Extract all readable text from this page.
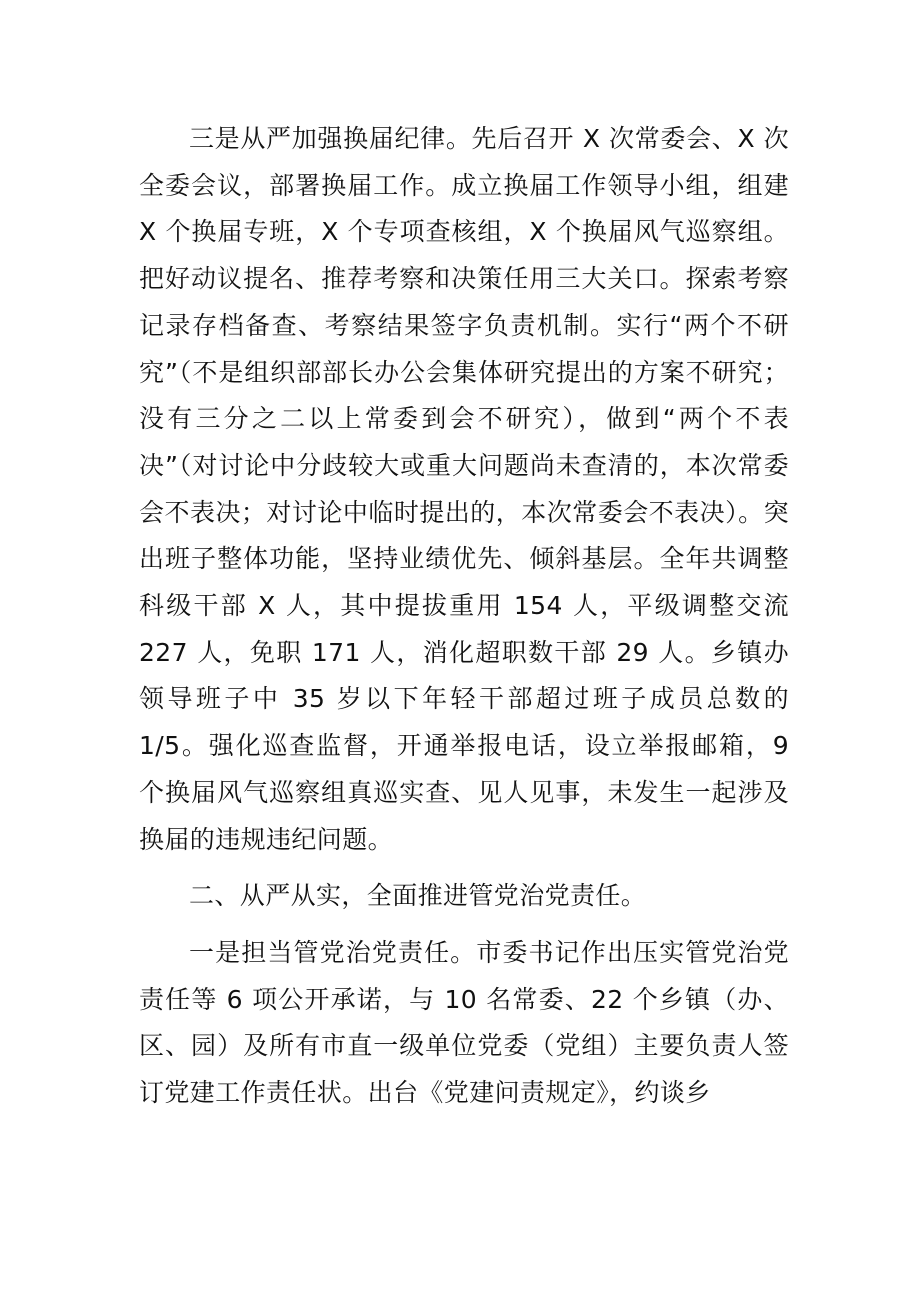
三是从严加强换届纪律。先后召开 X 次常委会、X 次全委会议，部署换届工作。成立换届工作领导小组，组建 X 个换届专班，X 个专项查核组，X 个换届风气巡察组。把好动议提名、推荐考察和决策任用三大关口。探索考察记录存档备查、考察结果签字负责机制。实行“两个不研究”（不是组织部部长办公会集体研究提出的方案不研究；没有三分之二以上常委到会不研究），做到“两个不表决”（对讨论中分歧较大或重大问题尚未查清的，本次常委会不表决；对讨论中临时提出的，本次常委会不表决）。突出班子整体功能，坚持业绩优先、倾斜基层。全年共调整科级干部 X 人，其中提拔重用 154 人，平级调整交流 227 人，免职 171 人，消化超职数干部 29 人。乡镇办领导班子中 35 岁以下年轻干部超过班子成员总数的 1/5。强化巡查监督，开通举报电话，设立举报邮箱，9 个换届风气巡察组真巡实查、见人见事，未发生一起涉及换届的违规违纪问题。

二、从严从实，全面推进管党治党责任。

一是担当管党治党责任。市委书记作出压实管党治党责任等 6 项公开承诺，与 10 名常委、22 个乡镇（办、区、园）及所有市直一级单位党委（党组）主要负责人签订党建工作责任状。出台《党建问责规定》，约谈乡
